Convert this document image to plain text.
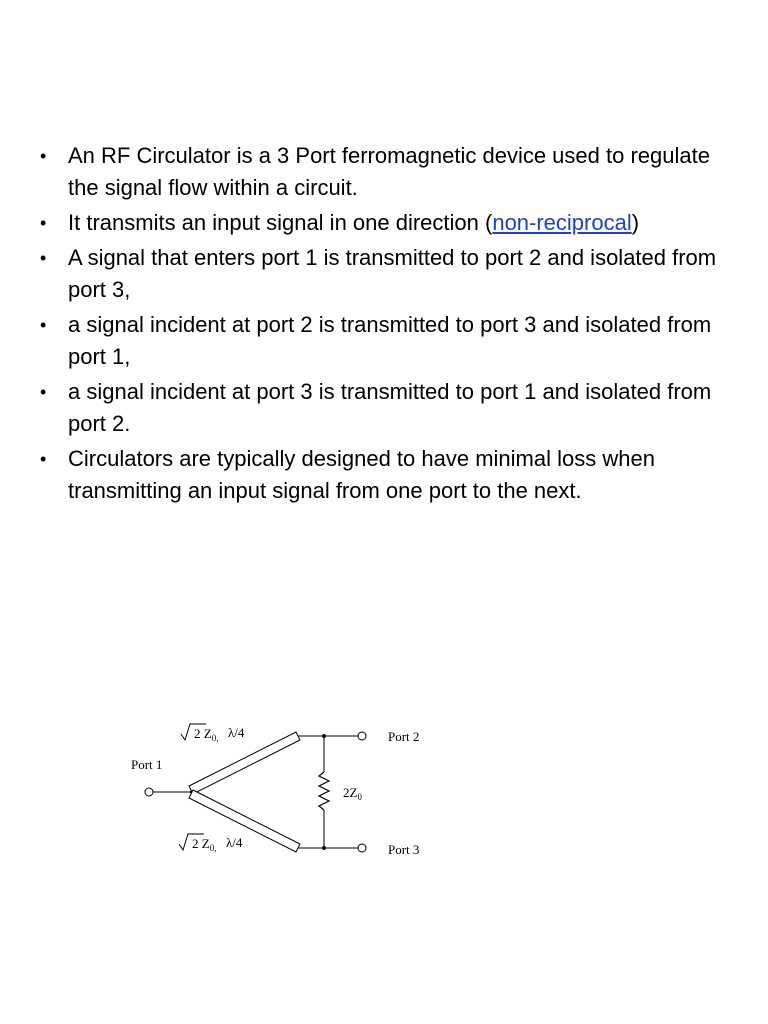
• An RF Circulator is a 3 Port ferromagnetic device used to regulate the signal flow within a circuit.
• It transmits an input signal in one direction (non-reciprocal)
• A signal that enters port 1 is transmitted to port 2 and isolated from port 3,
• a signal incident at port 2 is transmitted to port 3 and isolated from port 1,
• a signal incident at port 3 is transmitted to port 1 and isolated from port 2.
• Circulators are typically designed to have minimal loss when transmitting an input signal from one port to the next.
2 $Z_{0,}$ λ/4
Port 1
Port 2
Port 3
$2Z_0$
2 $Z_{0,}$ λ/4
